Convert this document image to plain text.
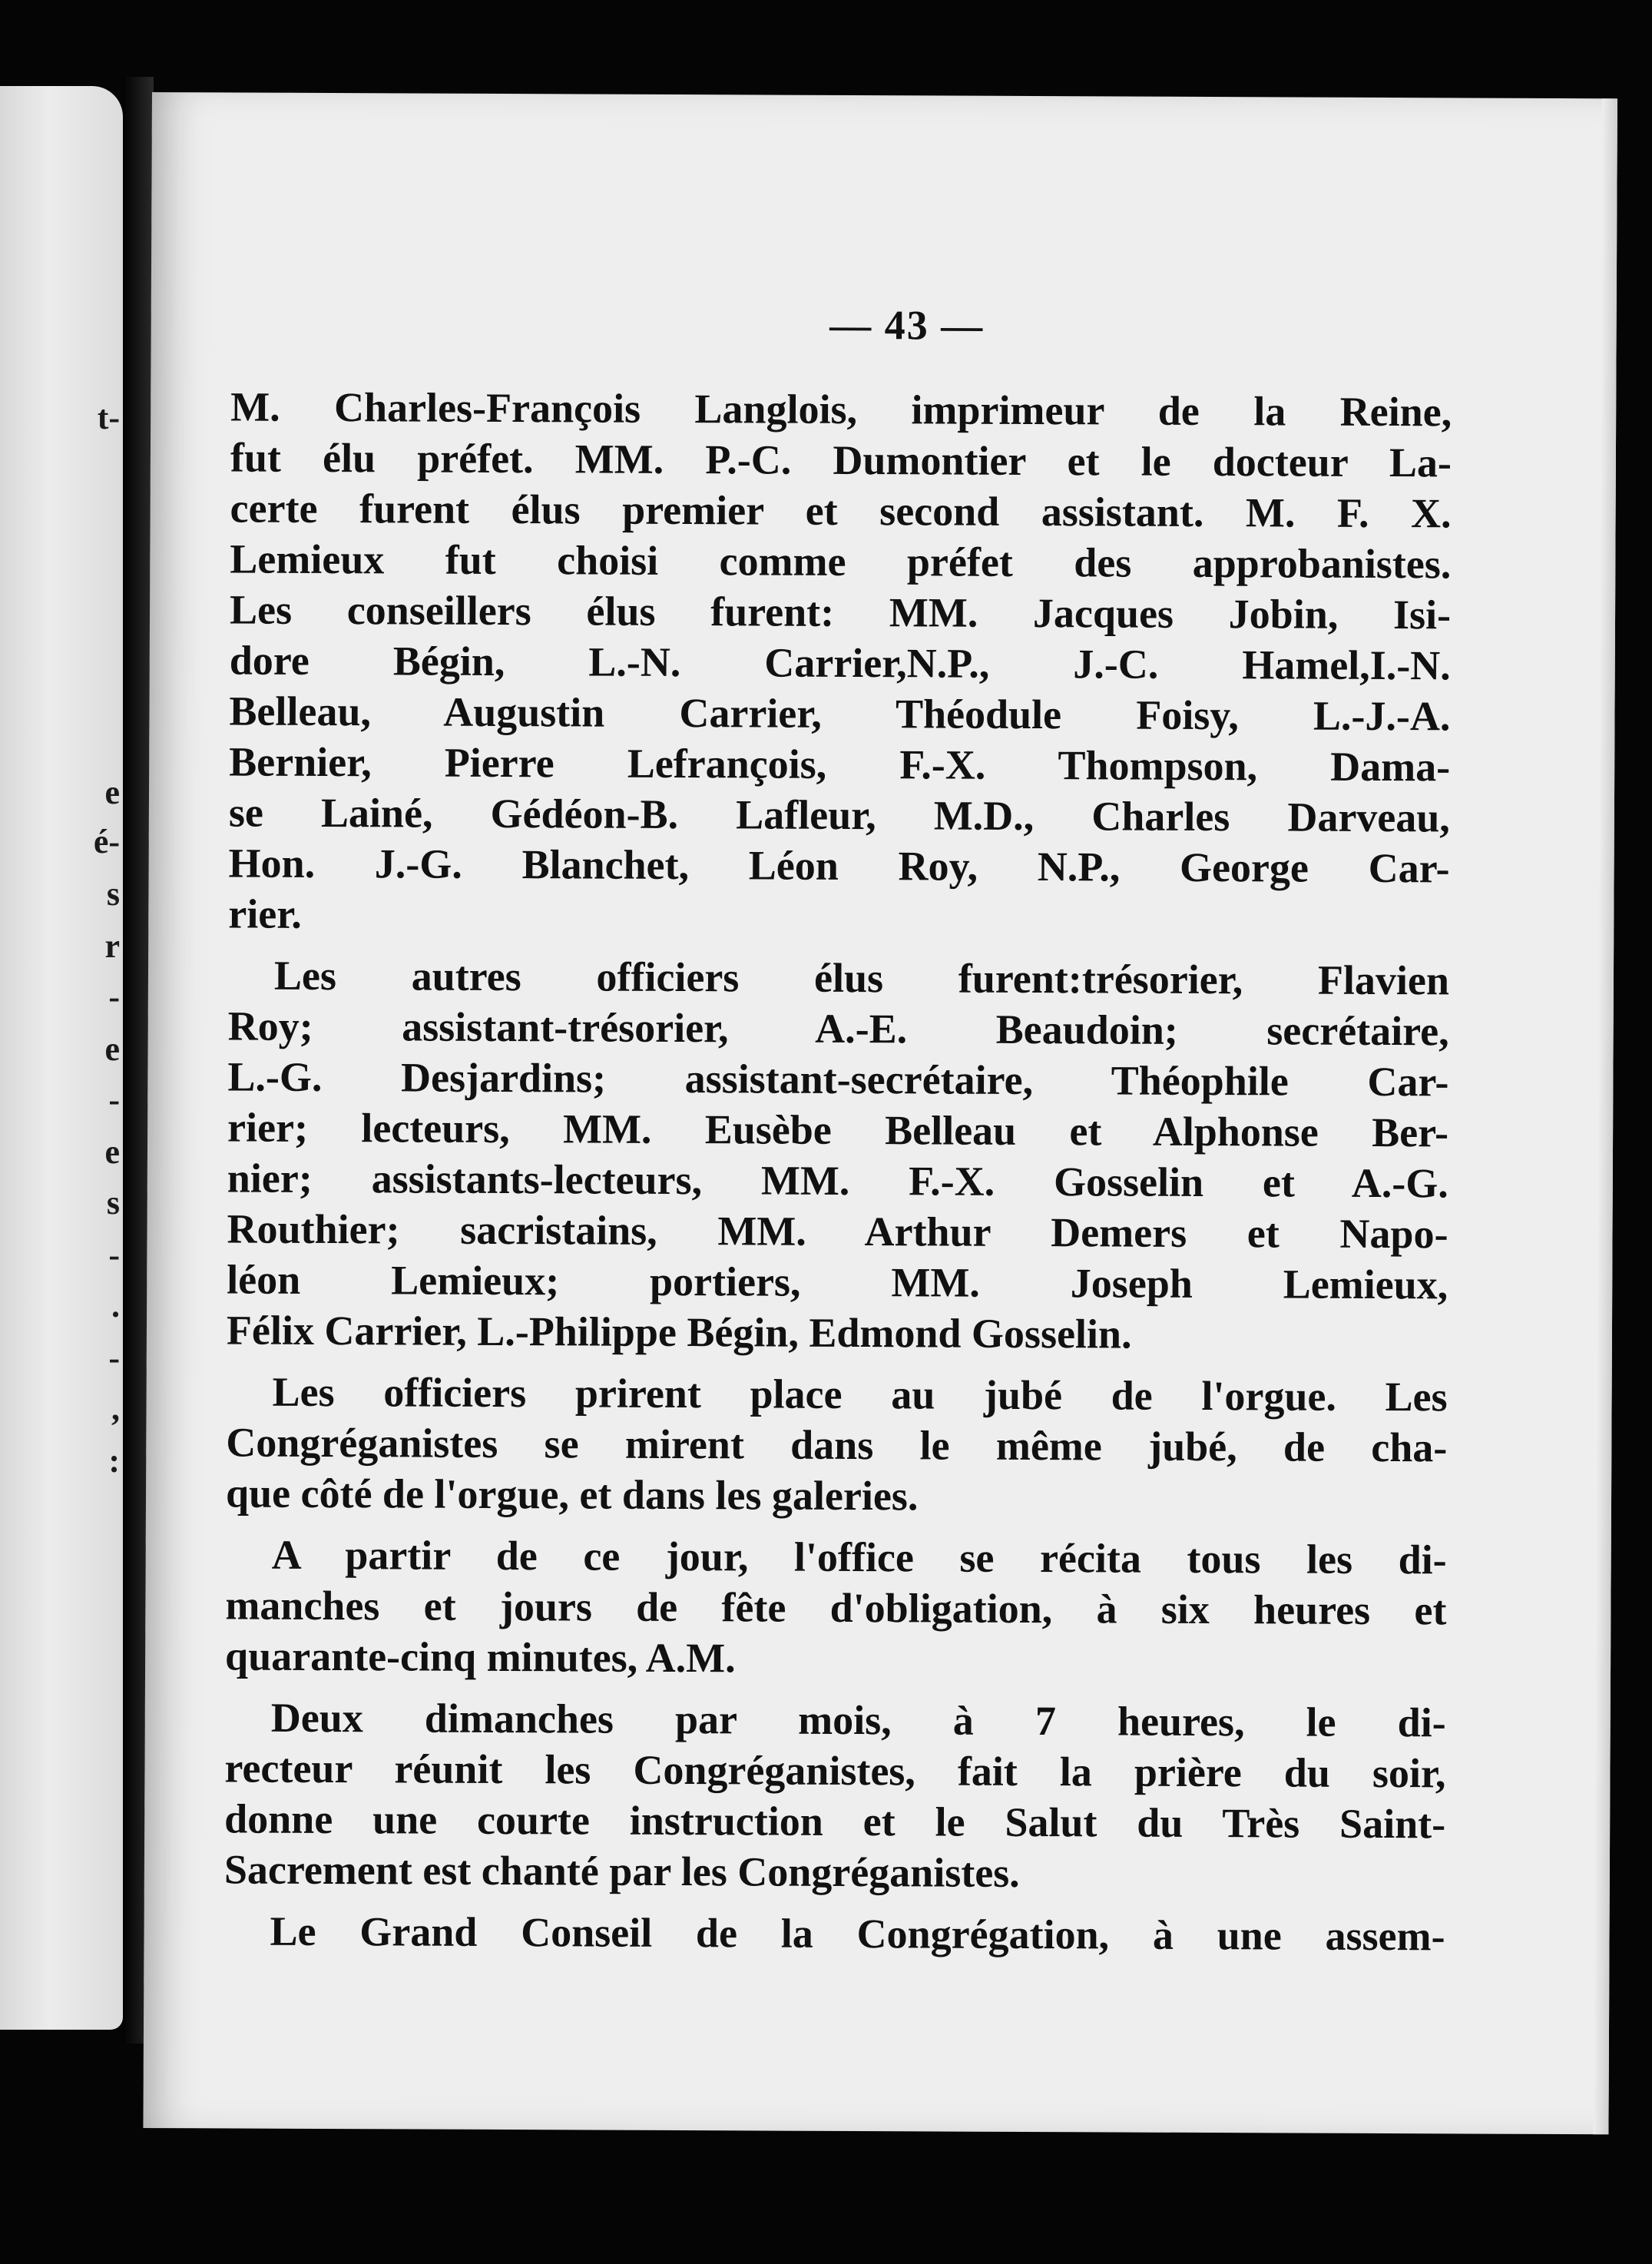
t-
e
é-
s
r
-
e
-
e
s
-
.
-
,
:
— 43 —
M. Charles-François Langlois, imprimeur de la Reine,
fut élu préfet. MM. P.-C. Dumontier et le docteur La-
certe furent élus premier et second assistant. M. F. X.
Lemieux fut choisi comme préfet des approbanistes.
Les conseillers élus furent: MM. Jacques Jobin, Isi-
dore Bégin, L.-N. Carrier,N.P., J.-C. Hamel,I.-N.
Belleau, Augustin Carrier, Théodule Foisy, L.-J.-A.
Bernier, Pierre Lefrançois, F.-X. Thompson, Dama-
se Lainé, Gédéon-B. Lafleur, M.D., Charles Darveau,
Hon. J.-G. Blanchet, Léon Roy, N.P., George Car-
rier.
Les autres officiers élus furent:trésorier, Flavien
Roy; assistant-trésorier, A.-E. Beaudoin; secrétaire,
L.-G. Desjardins; assistant-secrétaire, Théophile Car-
rier; lecteurs, MM. Eusèbe Belleau et Alphonse Ber-
nier; assistants-lecteurs, MM. F.-X. Gosselin et A.-G.
Routhier; sacristains, MM. Arthur Demers et Napo-
léon Lemieux; portiers, MM. Joseph Lemieux,
Félix Carrier, L.-Philippe Bégin, Edmond Gosselin.
Les officiers prirent place au jubé de l'orgue. Les
Congréganistes se mirent dans le même jubé, de cha-
que côté de l'orgue, et dans les galeries.
A partir de ce jour, l'office se récita tous les di-
manches et jours de fête d'obligation, à six heures et
quarante-cinq minutes, A.M.
Deux dimanches par mois, à 7 heures, le di-
recteur réunit les Congréganistes, fait la prière du soir,
donne une courte instruction et le Salut du Très Saint-
Sacrement est chanté par les Congréganistes.
Le Grand Conseil de la Congrégation, à une assem-
